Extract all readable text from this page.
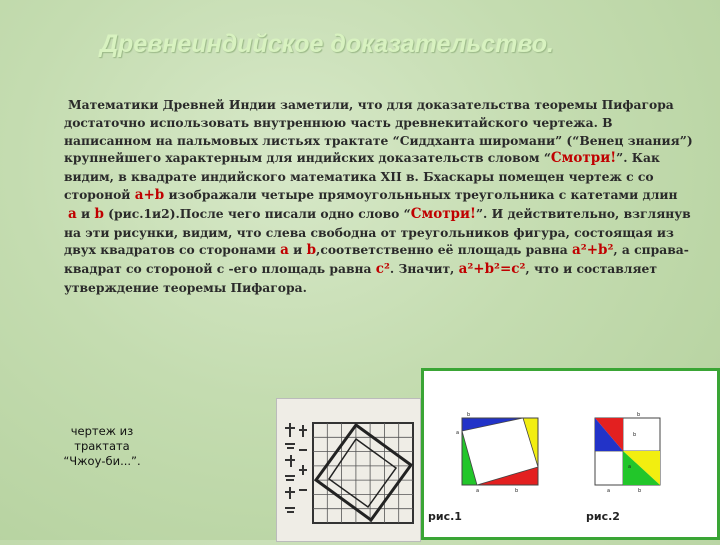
Древнеиндийское доказательство.

Математики Древней Индии заметили, что для доказательства теоремы Пифагора достаточно использовать внутреннюю часть древнекитайского чертежа. В написанном на пальмовых листьях трактате “Сиддханта широмани” (“Венец знания”) крупнейшего характерным для индийских доказательств словом “Смотри!”. Как видим, в квадрате индийского математика XII в. Бхаскары помещен чертеж с со стороной a+b изображали четыре прямоугольньных треугольника с катетами длин

a и b (рис.1и2).После чего писали одно слово “Смотри!”. И действительно, взглянув на эти рисунки, видим, что слева свободна от треугольников фигура, состоящая из двух квадратов со сторонами a и b,соответственно её площадь равна a²+b², а справа- квадрат со стороной с -его площадь равна c². Значит, a²+b²=c², что и составляет утверждение теоремы Пифагора.

чертеж из трактата “Чжоу-би...”.
b
a
a	b
рис.1
b
b
a
a	b
рис.2
